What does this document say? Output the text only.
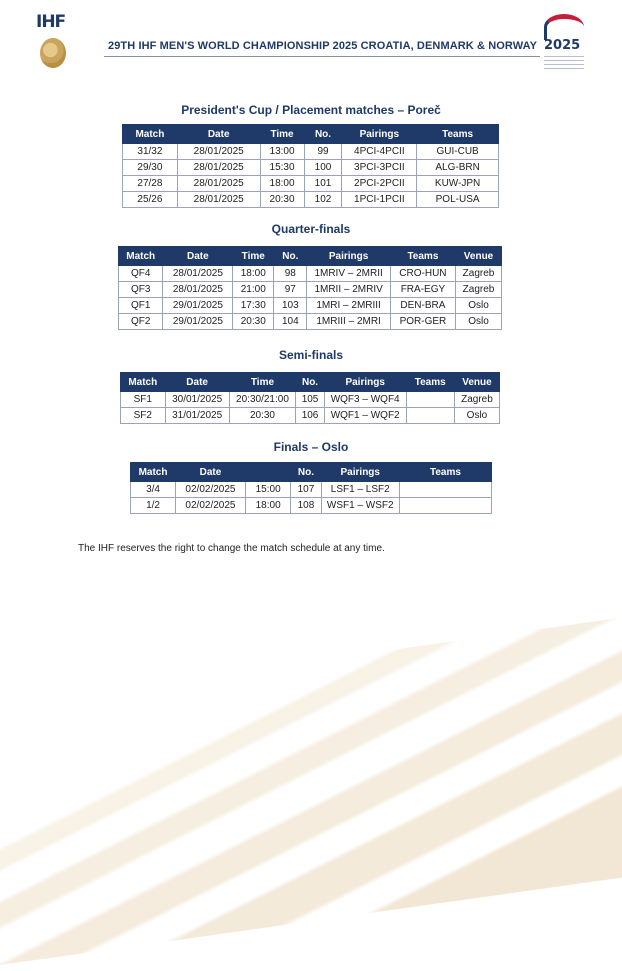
IHF
29TH IHF MEN'S WORLD CHAMPIONSHIP 2025 CROATIA, DENMARK & NORWAY 2025
President's Cup / Placement matches – Poreč
Match	Date	Time	No.	Pairings	Teams
31/32	28/01/2025	13:00	99	4PCI-4PCII	GUI-CUB
29/30	28/01/2025	15:30	100	3PCI-3PCII	ALG-BRN
27/28	28/01/2025	18:00	101	2PCI-2PCII	KUW-JPN
25/26	28/01/2025	20:30	102	1PCI-1PCII	POL-USA
Quarter-finals
Match	Date	Time	No.	Pairings	Teams	Venue
QF4	28/01/2025	18:00	98	1MRIV – 2MRII	CRO-HUN	Zagreb
QF3	28/01/2025	21:00	97	1MRII – 2MRIV	FRA-EGY	Zagreb
QF1	29/01/2025	17:30	103	1MRI – 2MRIII	DEN-BRA	Oslo
QF2	29/01/2025	20:30	104	1MRIII – 2MRI	POR-GER	Oslo
Semi-finals
Match	Date	Time	No.	Pairings	Teams	Venue
SF1	30/01/2025	20:30/21:00	105	WQF3 – WQF4		Zagreb
SF2	31/01/2025	20:30	106	WQF1 – WQF2		Oslo
Finals – Oslo
Match	Date		No.	Pairings	Teams
3/4	02/02/2025	15:00	107	LSF1 – LSF2	
1/2	02/02/2025	18:00	108	WSF1 – WSF2	
The IHF reserves the right to change the match schedule at any time.
